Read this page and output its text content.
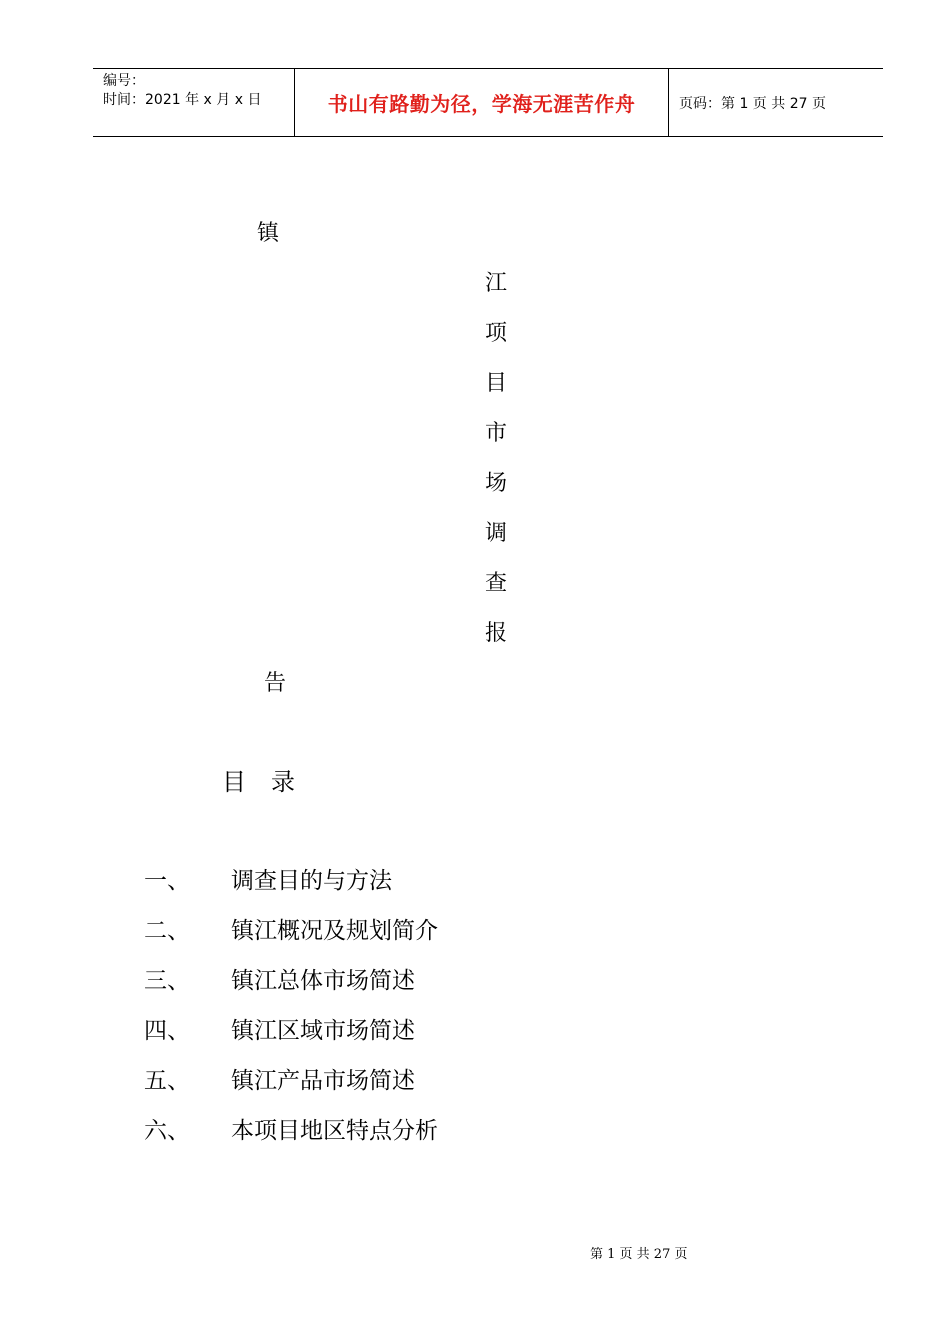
编号：
时间：2021 年 x 月 x 日	书山有路勤为径，学海无涯苦作舟	页码：第 1 页 共 27 页
镇
江
项
目
市
场
调
查
报
告
目 录
一、 调查目的与方法
二、 镇江概况及规划简介
三、 镇江总体市场简述
四、 镇江区域市场简述
五、 镇江产品市场简述
六、 本项目地区特点分析
第 1 页 共 27 页
